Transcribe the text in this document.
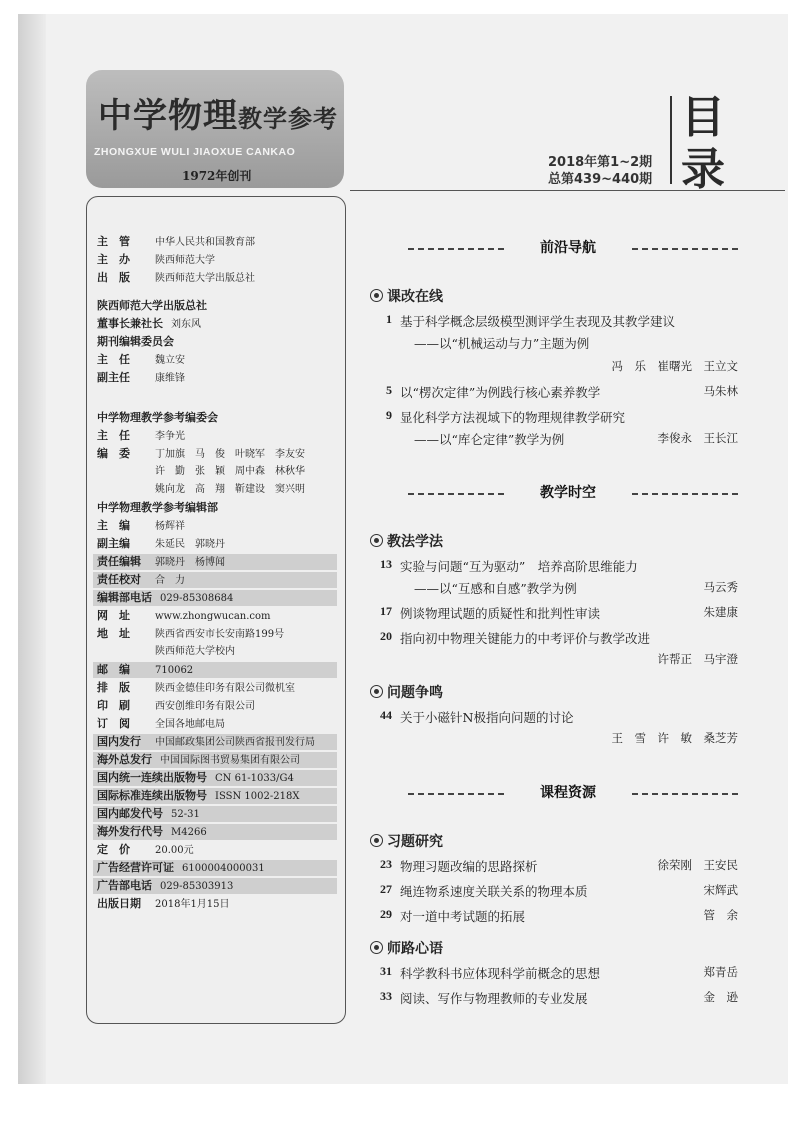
中学物理教学参考
ZHONGXUE WULI JIAOXUE CANKAO
1972年创刊
目录
2018年第1~2期
总第439~440期
主　管	中华人民共和国教育部
主　办	陕西师范大学
出　版	陕西师范大学出版总社
陕西师范大学出版总社
董事长兼社长 刘东风
期刊编辑委员会
主　任	魏立安
副主任	康维锋
中学物理教学参考编委会
主　任	李争光
编　委	丁加旗　马　俊　叶晓军　李友安
许　勤　张　颖　周中森　林秋华
姚向龙　高　翔　靳建设　窦兴明
中学物理教学参考编辑部
主　编	杨辉祥
副主编	朱延民　郭晓丹
责任编辑 郭晓丹　杨博闻
责任校对 合　力
编辑部电话 029-85308684
网　址	www.zhongwucan.com
地　址	陕西省西安市长安南路199号
陕西师范大学校内
邮　编	710062
排　版	陕西金德佳印务有限公司微机室
印　刷	西安创维印务有限公司
订　阅	全国各地邮电局
国内发行 中国邮政集团公司陕西省报刊发行局
海外总发行 中国国际图书贸易集团有限公司
国内统一连续出版物号 CN 61-1033/G4
国际标准连续出版物号 ISSN 1002-218X
国内邮发代号 52-31
海外发行代号 M4266
定　价	20.00元
广告经营许可证 6100004000031
广告部电话 029-85303913
出版日期 2018年1月15日
前沿导航
课改在线
1 基于科学概念层级模型测评学生表现及其教学建议
——以“机械运动与力”主题为例
冯　乐　崔曙光　王立文
5 以“楞次定律”为例践行核心素养教学	马朱林
9 显化科学方法视域下的物理规律教学研究
——以“库仑定律”教学为例	李俊永　王长江
教学时空
教法学法
13 实验与问题“互为驱动”　培养高阶思维能力
——以“互感和自感”教学为例	马云秀
17 例谈物理试题的质疑性和批判性审读	朱建康
20 指向初中物理关键能力的中考评价与教学改进
许帮正　马宇澄
问题争鸣
44 关于小磁针N极指向问题的讨论
王　雪　许　敏　桑芝芳
课程资源
习题研究
23 物理习题改编的思路探析	徐荣刚　王安民
27 绳连物系速度关联关系的物理本质	宋辉武
29 对一道中考试题的拓展	管　余
师路心语
31 科学教科书应体现科学前概念的思想	郑青岳
33 阅读、写作与物理教师的专业发展	金　逊
